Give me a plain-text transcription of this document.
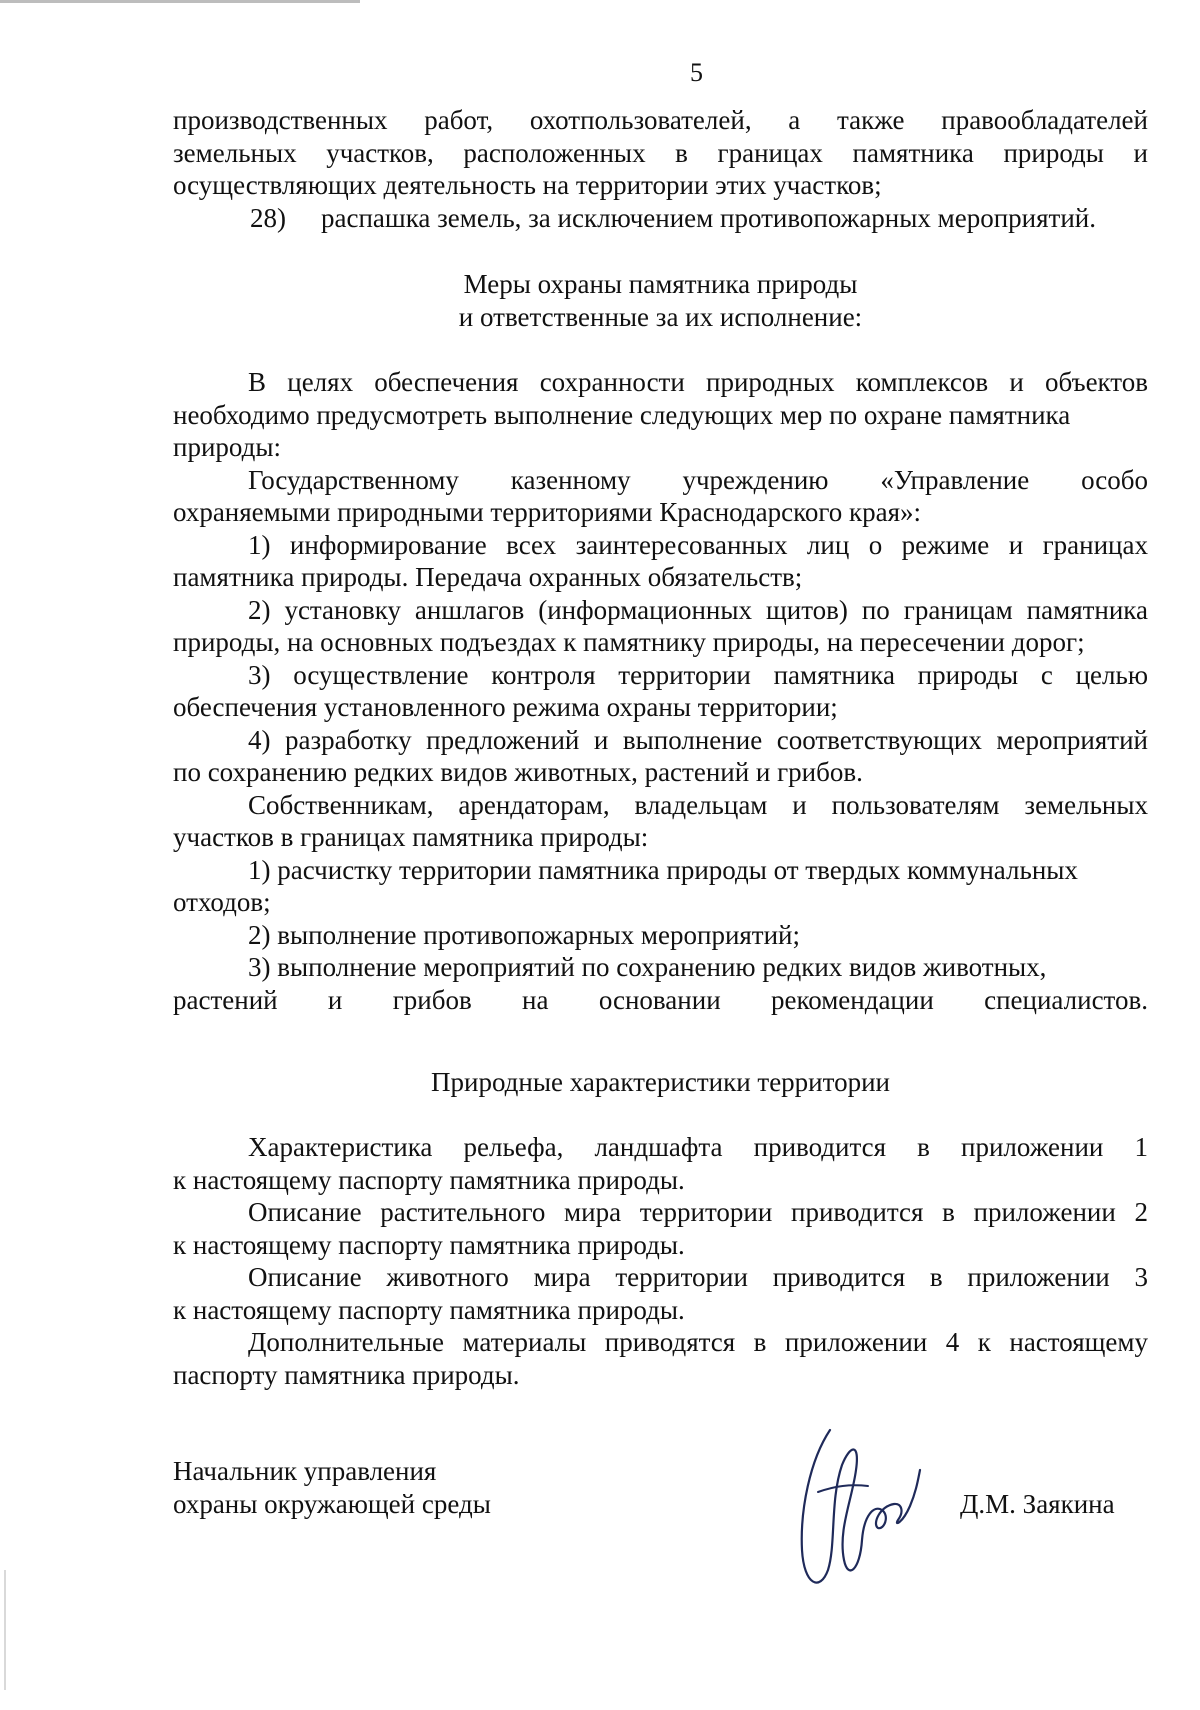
5

производственных работ, охотпользователей, а также правообладателей

земельных участков, расположенных в границах памятника природы и

осуществляющих деятельность на территории этих участков;

28) распашка земель, за исключением противопожарных мероприятий.

Меры охраны памятника природы

и ответственные за их исполнение:

В целях обеспечения сохранности природных комплексов и объектов

необходимо предусмотреть выполнение следующих мер по охране памятника

природы:

Государственному казенному учреждению «Управление особо

охраняемыми природными территориями Краснодарского края»:

1) информирование всех заинтересованных лиц о режиме и границах

памятника природы. Передача охранных обязательств;

2) установку аншлагов (информационных щитов) по границам памятника

природы, на основных подъездах к памятнику природы, на пересечении дорог;

3) осуществление контроля территории памятника природы с целью

обеспечения установленного режима охраны территории;

4) разработку предложений и выполнение соответствующих мероприятий

по сохранению редких видов животных, растений и грибов.

Собственникам, арендаторам, владельцам и пользователям земельных

участков в границах памятника природы:

1) расчистку территории памятника природы от твердых коммунальных

отходов;

2) выполнение противопожарных мероприятий;

3) выполнение мероприятий по сохранению редких видов животных,

растений и грибов на основании рекомендации специалистов.

Природные характеристики территории

Характеристика рельефа, ландшафта приводится в приложении 1

к настоящему паспорту памятника природы.

Описание растительного мира территории приводится в приложении 2

к настоящему паспорту памятника природы.

Описание животного мира территории приводится в приложении 3

к настоящему паспорту памятника природы.

Дополнительные материалы приводятся в приложении 4 к настоящему

паспорту памятника природы.

Начальник управления
охраны окружающей среды	Д.М. Заякина
